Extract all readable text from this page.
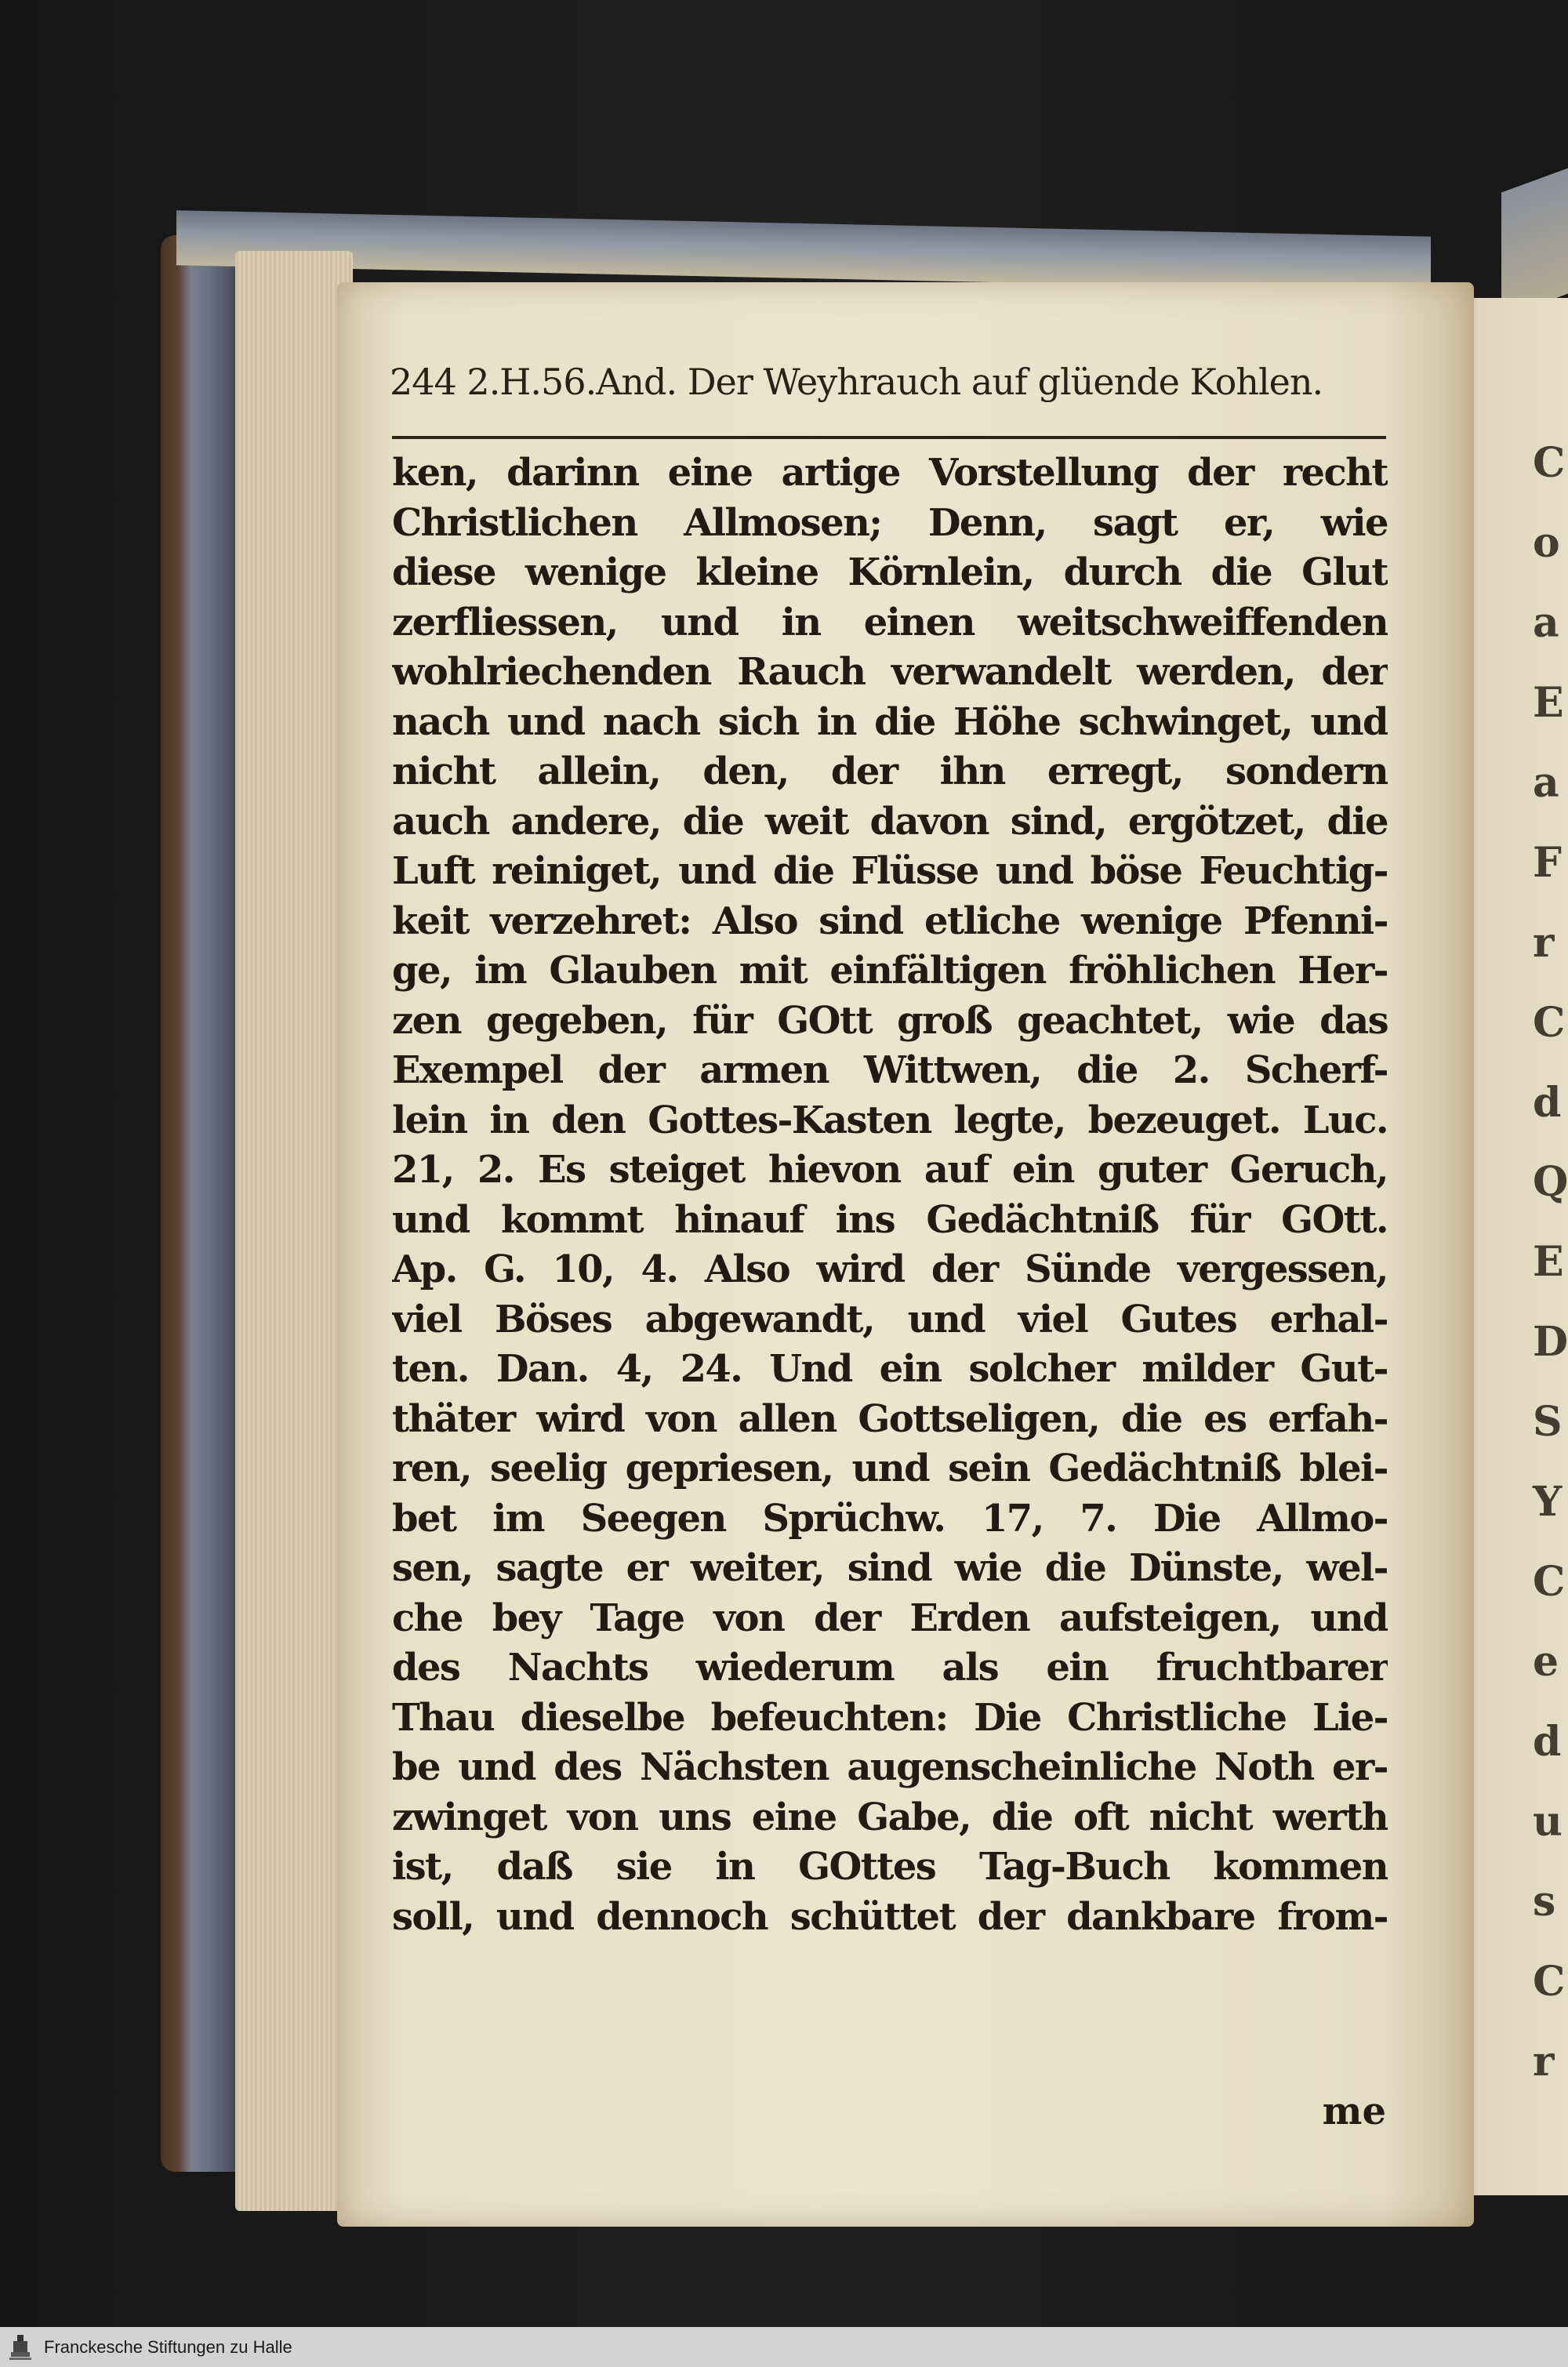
C
o
a
E
a
F
r
C
d
Q
E
D
S
Y
C
e
d
u
s
C
r
244 2.H.56.And. Der Weyhrauch auf glüende Kohlen.
ken, darinn eine artige Vorstellung der recht
Christlichen Allmosen; Denn, sagt er, wie
diese wenige kleine Körnlein, durch die Glut
zerfliessen, und in einen weitschweiffenden
wohlriechenden Rauch verwandelt werden, der
nach und nach sich in die Höhe schwinget, und
nicht allein, den, der ihn erregt, sondern
auch andere, die weit davon sind, ergötzet, die
Luft reiniget, und die Flüsse und böse Feuchtig-
keit verzehret: Also sind etliche wenige Pfenni-
ge, im Glauben mit einfältigen fröhlichen Her-
zen gegeben, für GOtt groß geachtet, wie das
Exempel der armen Wittwen, die 2. Scherf-
lein in den Gottes-Kasten legte, bezeuget. Luc.
21, 2. Es steiget hievon auf ein guter Geruch,
und kommt hinauf ins Gedächtniß für GOtt.
Ap. G. 10, 4. Also wird der Sünde vergessen,
viel Böses abgewandt, und viel Gutes erhal-
ten. Dan. 4, 24. Und ein solcher milder Gut-
thäter wird von allen Gottseligen, die es erfah-
ren, seelig gepriesen, und sein Gedächtniß blei-
bet im Seegen Sprüchw. 17, 7. Die Allmo-
sen, sagte er weiter, sind wie die Dünste, wel-
che bey Tage von der Erden aufsteigen, und
des Nachts wiederum als ein fruchtbarer
Thau dieselbe befeuchten: Die Christliche Lie-
be und des Nächsten augenscheinliche Noth er-
zwinget von uns eine Gabe, die oft nicht werth
ist, daß sie in GOttes Tag-Buch kommen
soll, und dennoch schüttet der dankbare from-
me
Franckesche Stiftungen zu Halle
